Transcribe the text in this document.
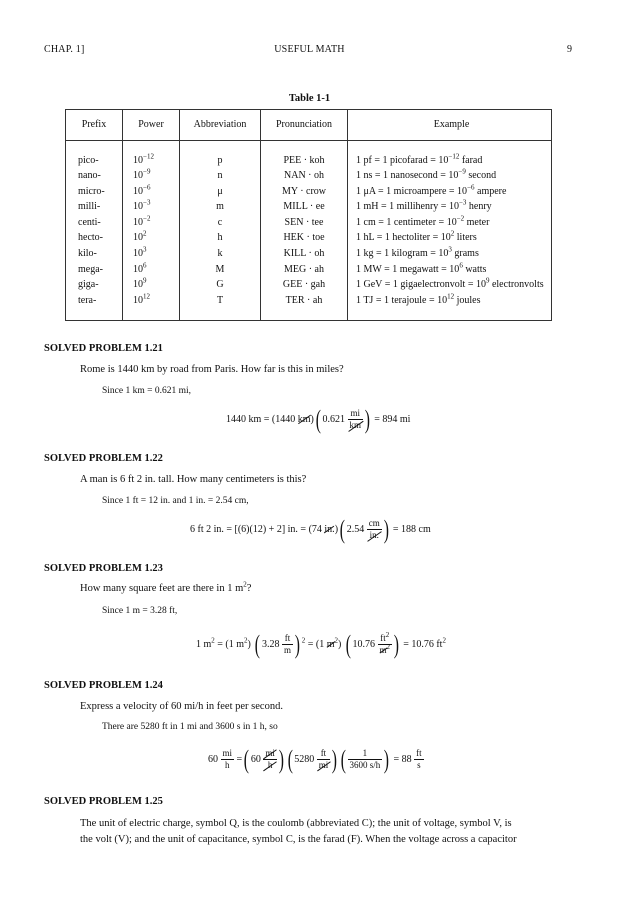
CHAP. 1]	USEFUL MATH	9
Table 1-1
Prefix	Power	Abbreviation	Pronunciation	Example

pico-	$10^{-12}$	p	PEE · koh	1 pf = 1 picofarad = $10^{-12}$ farad
nano-	$10^{-9}$	n	NAN · oh	1 ns = 1 nanosecond = $10^{-9}$ second
micro-	$10^{-6}$	μ	MY · crow	1 μA = 1 microampere = $10^{-6}$ ampere
milli-	$10^{-3}$	m	MILL · ee	1 mH = 1 millihenry = $10^{-3}$ henry
centi-	$10^{-2}$	c	SEN · tee	1 cm = 1 centimeter = $10^{-2}$ meter
hecto-	$10^2$	h	HEK · toe	1 hL = 1 hectoliter = $10^2$ liters
kilo-	$10^3$	k	KILL · oh	1 kg = 1 kilogram = $10^3$ grams
mega-	$10^6$	M	MEG · ah	1 MW = 1 megawatt = $10^6$ watts
giga-	$10^9$	G	GEE · gah	1 GeV = 1 gigaelectronvolt = $10^9$ electronvolts
tera-	$10^{12}$	T	TER · ah	1 TJ = 1 terajoule = $10^{12}$ joules

SOLVED PROBLEM 1.21
Rome is 1440 km by road from Paris. How far is this in miles?
Since 1 km = 0.621 mi,
1440 km = (1440 km)( $0.621 \frac{mi}{km}$ ) = 894 mi
SOLVED PROBLEM 1.22
A man is 6 ft 2 in. tall. How many centimeters is this?
Since 1 ft = 12 in. and 1 in. = 2.54 cm,
6 ft 2 in. = [(6)(12) + 2] in. = (74 in.)( $2.54 \frac{cm}{in.}$ ) = 188 cm
SOLVED PROBLEM 1.23
How many square feet are there in 1 $m^2$?
Since 1 m = 3.28 ft,
1 $m^2 = (1$ $m^2$) ( $3.28 \frac{ft}{m}$ ) $^2$ = (1 $m^2$) ( $10.76 \frac{ft^2}{m^2}$ ) = 10.76 $ft^2$
SOLVED PROBLEM 1.24
Express a velocity of 60 mi/h in feet per second.
There are 5280 ft in 1 mi and 3600 s in 1 h, so
$60 \frac{mi}{h}$ =( $60 \frac{mi}{h}$ ) ( $5280 \frac{ft}{mi}$ ) ( $\frac{1}{3600 s/h}$ ) = $88 \frac{ft}{s}$
SOLVED PROBLEM 1.25
The unit of electric charge, symbol Q, is the coulomb (abbreviated C); the unit of voltage, symbol V, is
the volt (V); and the unit of capacitance, symbol C, is the farad (F). When the voltage across a capacitor
